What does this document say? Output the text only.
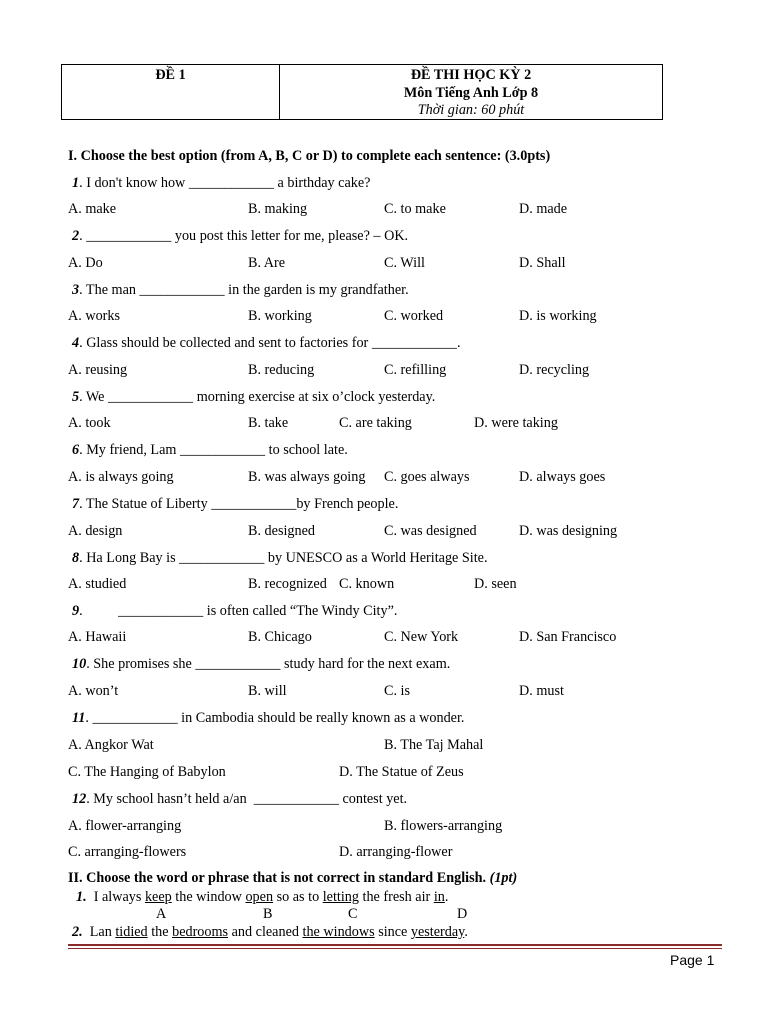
ĐỀ 1	ĐỀ THI HỌC KỲ 2
Môn Tiếng Anh Lớp 8
Thời gian: 60 phút
I. Choose the best option (from A, B, C or D) to complete each sentence: (3.0pts)
1. I don't know how ____________ a birthday cake?
A. make	B. making	C. to make	D. made
2. ____________ you post this letter for me, please? – OK.
A. Do	B. Are	C. Will	D. Shall
3. The man ____________ in the garden is my grandfather.
A. works	B. working	C. worked	D. is working
4. Glass should be collected and sent to factories for ____________.
A. reusing	B. reducing	C. refilling	D. recycling
5. We ____________ morning exercise at six o’clock yesterday.
A. took	B. take	C. are taking	D. were taking
6. My friend, Lam ____________ to school late.
A. is always going	B. was always going C. goes always	D. always goes
7. The Statue of Liberty ____________by French people.
A. design	B. designed	C. was designed	D. was designing
8. Ha Long Bay is ____________ by UNESCO as a World Heritage Site.
A. studied	B. recognized C. known	D. seen
9.          ____________ is often called “The Windy City”.
A. Hawaii	B. Chicago	C. New York	D. San Francisco
10. She promises she ____________ study hard for the next exam.
A. won’t	B. will	C. is	D. must
11. ____________ in Cambodia should be really known as a wonder.
A. Angkor Wat	B. The Taj Mahal
C. The Hanging of Babylon	D. The Statue of Zeus
12. My school hasn’t held a/an  ____________ contest yet.
A. flower-arranging	B. flowers-arranging
C. arranging-flowers	D. arranging-flower
II. Choose the word or phrase that is not correct in standard English. (1pt)
1. I always keep the window open so as to letting the fresh air in.
A	B	C	D
2. Lan tidied the bedrooms and cleaned the windows since yesterday.
Page 1
